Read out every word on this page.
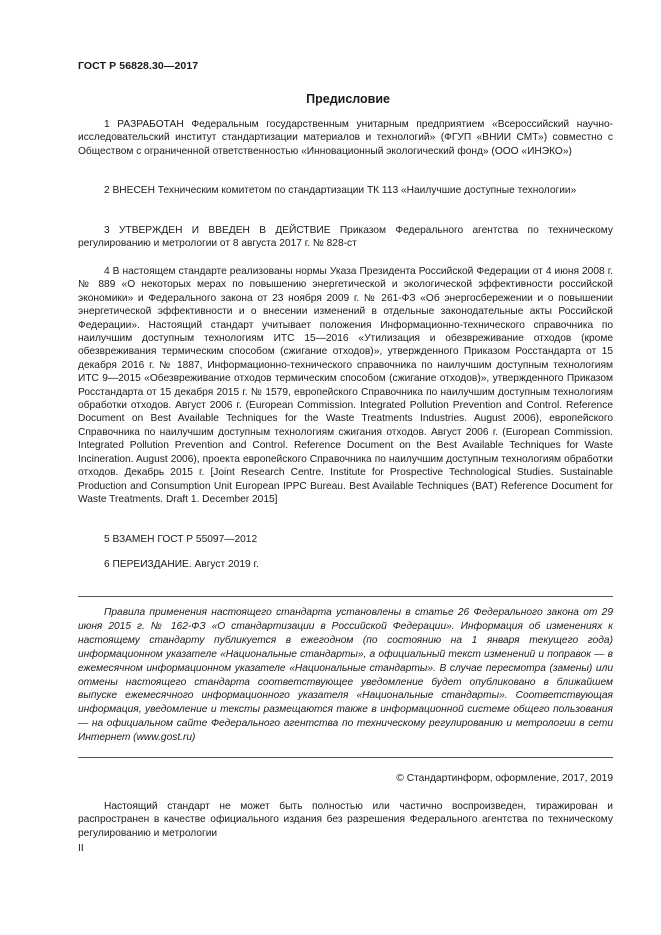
ГОСТ Р 56828.30—2017
Предисловие

1 РАЗРАБОТАН Федеральным государственным унитарным предприятием «Всероссийский научно-исследовательский институт стандартизации материалов и технологий» (ФГУП «ВНИИ СМТ») совместно с Обществом с ограниченной ответственностью «Инновационный экологический фонд» (ООО «ИНЭКО»)

2 ВНЕСЕН Техническим комитетом по стандартизации ТК 113 «Наилучшие доступные технологии»

3 УТВЕРЖДЕН И ВВЕДЕН В ДЕЙСТВИЕ Приказом Федерального агентства по техническому регулированию и метрологии от 8 августа 2017 г. № 828-ст

4 В настоящем стандарте реализованы нормы Указа Президента Российской Федерации от 4 июня 2008 г. № 889 «О некоторых мерах по повышению энергетической и экологической эффективности российской экономики» и Федерального закона от 23 ноября 2009 г. № 261-ФЗ «Об энергосбережении и о повышении энергетической эффективности и о внесении изменений в отдельные законодательные акты Российской Федерации». Настоящий стандарт учитывает положения Информационно-технического справочника по наилучшим доступным технологиям ИТС 15—2016 «Утилизация и обезвреживание отходов (кроме обезвреживания термическим способом (сжигание отходов)», утвержденного Приказом Росстандарта от 15 декабря 2016 г. № 1887, Информационно-технического справочника по наилучшим доступным технологиям ИТС 9—2015 «Обезвреживание отходов термическим способом (сжигание отходов)», утвержденного Приказом Росстандарта от 15 декабря 2015 г. № 1579, европейского Справочника по наилучшим доступным технологиям обработки отходов. Август 2006 г. (European Commission. Integrated Pollution Prevention and Control. Reference Document on Best Available Techniques for the Waste Treatments Industries. August 2006), европейского Справочника по наилучшим доступным технологиям сжигания отходов. Август 2006 г. (European Commission. Integrated Pollution Prevention and Control. Reference Document on the Best Available Techniques for Waste Incineration. August 2006), проекта европейского Справочника по наилучшим доступным технологиям обработки отходов. Декабрь 2015 г. [Joint Research Centre. Institute for Prospective Technological Studies. Sustainable Production and Consumption Unit European IPPC Bureau. Best Available Techniques (BAT) Reference Document for Waste Treatments. Draft 1. December 2015]

5 ВЗАМЕН ГОСТ Р 55097—2012

6 ПЕРЕИЗДАНИЕ. Август 2019 г.

Правила применения настоящего стандарта установлены в статье 26 Федерального закона от 29 июня 2015 г. № 162-ФЗ «О стандартизации в Российской Федерации». Информация об изменениях к настоящему стандарту публикуется в ежегодном (по состоянию на 1 января текущего года) информационном указателе «Национальные стандарты», а официальный текст изменений и поправок — в ежемесячном информационном указателе «Национальные стандарты». В случае пересмотра (замены) или отмены настоящего стандарта соответствующее уведомление будет опубликовано в ближайшем выпуске ежемесячного информационного указателя «Национальные стандарты». Соответствующая информация, уведомление и тексты размещаются также в информационной системе общего пользования — на официальном сайте Федерального агентства по техническому регулированию и метрологии в сети Интернет (www.gost.ru)

© Стандартинформ, оформление, 2017, 2019

Настоящий стандарт не может быть полностью или частично воспроизведен, тиражирован и распространен в качестве официального издания без разрешения Федерального агентства по техническому регулированию и метрологии

II
